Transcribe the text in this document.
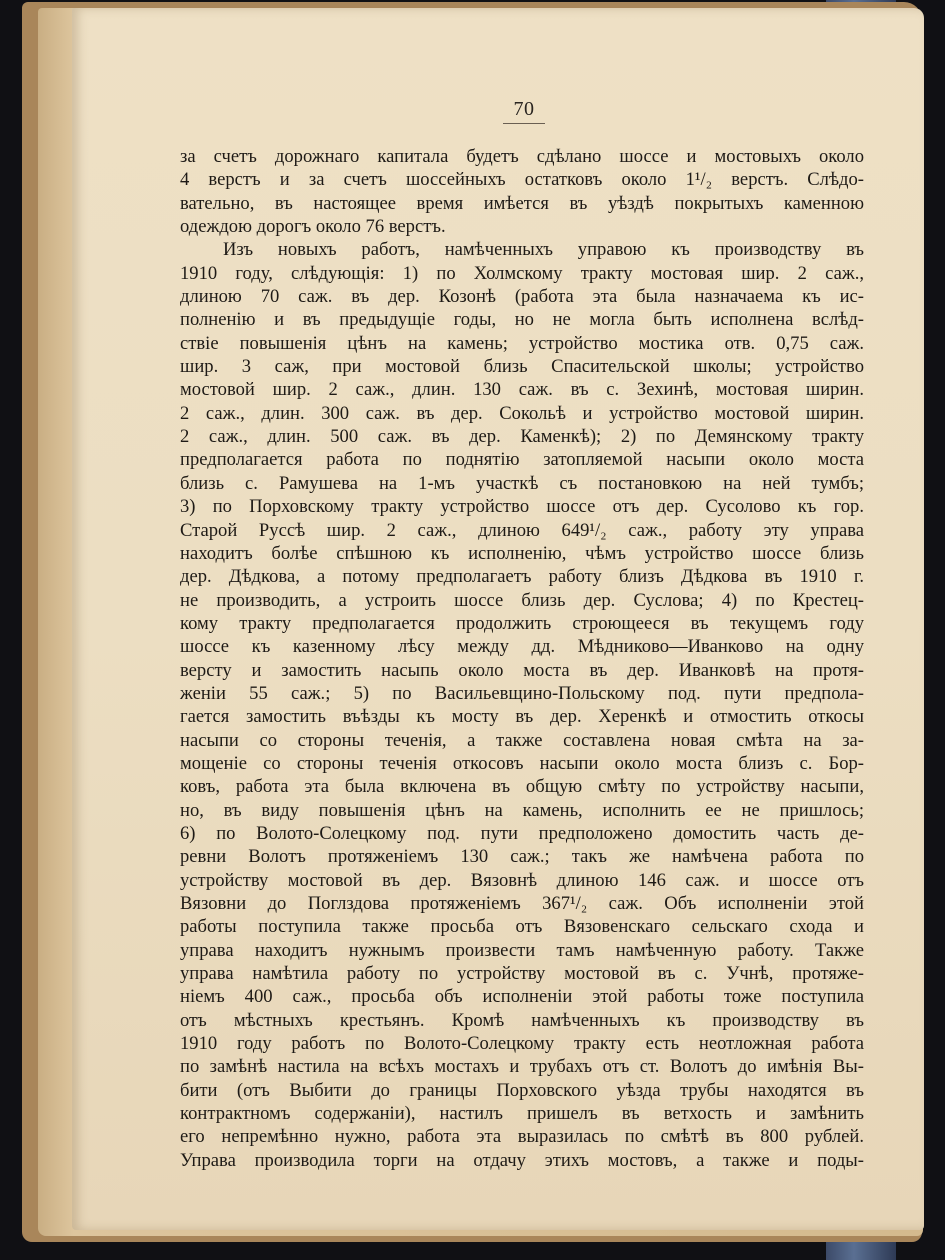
70
за счетъ дорожнаго капитала будетъ сдѣлано шоссе и мостовыхъ около
4 верстъ и за счетъ шоссейныхъ остатковъ около 1¹/₂ верстъ. Слѣдо-
вательно, въ настоящее время имѣется въ уѣздѣ покрытыхъ каменною
одеждою дорогъ около 76 верстъ.
Изъ новыхъ работъ, намѣченныхъ управою къ производству въ
1910 году, слѣдующія: 1) по Холмскому тракту мостовая шир. 2 саж.,
длиною 70 саж. въ дер. Козонѣ (работа эта была назначаема къ ис-
полненію и въ предыдущіе годы, но не могла быть исполнена вслѣд-
ствіе повышенія цѣнъ на камень; устройство мостика отв. 0,75 саж.
шир. 3 саж, при мостовой близь Спасительской школы; устройство
мостовой шир. 2 саж., длин. 130 саж. въ с. Зехинѣ, мостовая ширин.
2 саж., длин. 300 саж. въ дер. Сокольѣ и устройство мостовой ширин.
2 саж., длин. 500 саж. въ дер. Каменкѣ); 2) по Демянскому тракту
предполагается работа по поднятію затопляемой насыпи около моста
близь с. Рамушева на 1-мъ участкѣ съ постановкою на ней тумбъ;
3) по Порховскому тракту устройство шоссе отъ дер. Сусолово къ гор.
Старой Руссѣ шир. 2 саж., длиною 649¹/₂ саж., работу эту управа
находитъ болѣе спѣшною къ исполненію, чѣмъ устройство шоссе близь
дер. Дѣдкова, а потому предполагаетъ работу близъ Дѣдкова въ 1910 г.
не производить, а устроить шоссе близь дер. Суслова; 4) по Крестец-
кому тракту предполагается продолжить строющееся въ текущемъ году
шоссе къ казенному лѣсу между дд. Мѣдниково—Иванково на одну
версту и замостить насыпь около моста въ дер. Иванковѣ на протя-
женіи 55 саж.; 5) по Васильевщино-Польскому под. пути предпола-
гается замостить въѣзды къ мосту въ дер. Херенкѣ и отмостить откосы
насыпи со стороны теченія, а также составлена новая смѣта на за-
мощеніе со стороны теченія откосовъ насыпи около моста близъ с. Бор-
ковъ, работа эта была включена въ общую смѣту по устройству насыпи,
но, въ виду повышенія цѣнъ на камень, исполнить ее не пришлось;
6) по Волото-Солецкому под. пути предположено домостить часть де-
ревни Волотъ протяженіемъ 130 саж.; такъ же намѣчена работа по
устройству мостовой въ дер. Вязовнѣ длиною 146 саж. и шоссе отъ
Вязовни до Поглздова протяженіемъ 367¹/₂ саж. Объ исполненіи этой
работы поступила также просьба отъ Вязовенскаго сельскаго схода и
управа находитъ нужнымъ произвести тамъ намѣченную работу. Также
управа намѣтила работу по устройству мостовой въ с. Учнѣ, протяже-
ніемъ 400 саж., просьба объ исполненіи этой работы тоже поступила
отъ мѣстныхъ крестьянъ. Кромѣ намѣченныхъ къ производству въ
1910 году работъ по Волото-Солецкому тракту есть неотложная работа
по замѣнѣ настила на всѣхъ мостахъ и трубахъ отъ ст. Волотъ до имѣнія Вы-
бити (отъ Выбити до границы Порховского уѣзда трубы находятся въ
контрактномъ содержаніи), настилъ пришелъ въ ветхость и замѣнить
его непремѣнно нужно, работа эта выразилась по смѣтѣ въ 800 рублей.
Управа производила торги на отдачу этихъ мостовъ, а также и поды-
